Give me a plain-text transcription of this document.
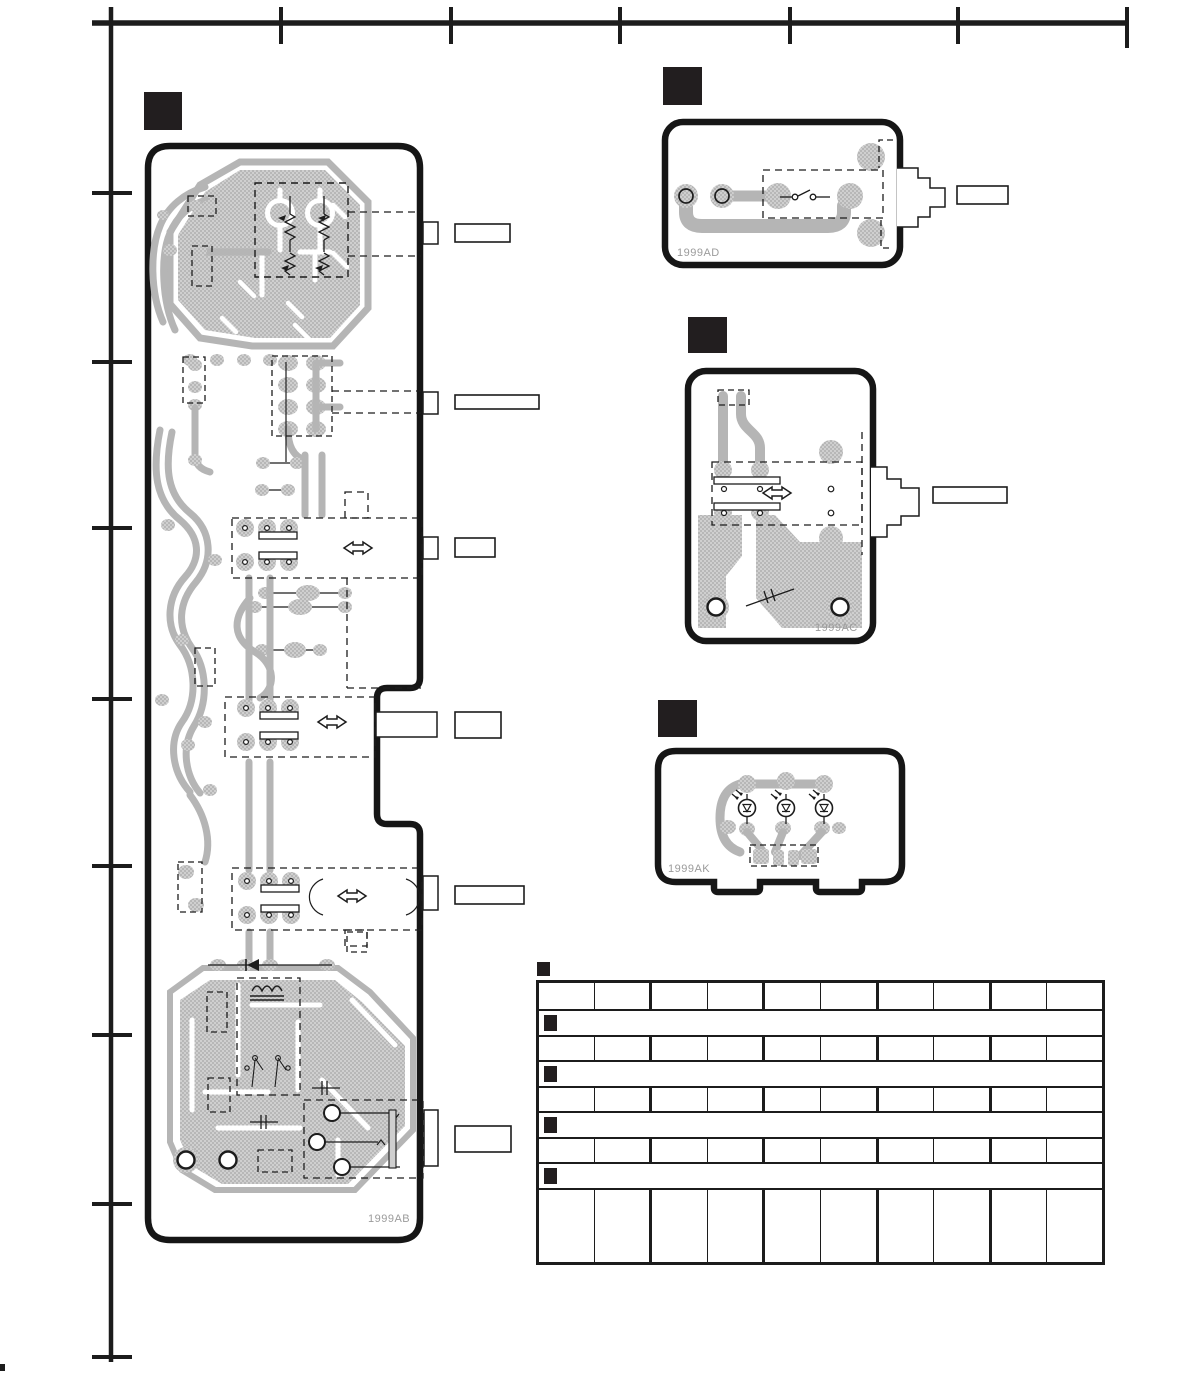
1999AB
1999AD
1999AC
1999AK
